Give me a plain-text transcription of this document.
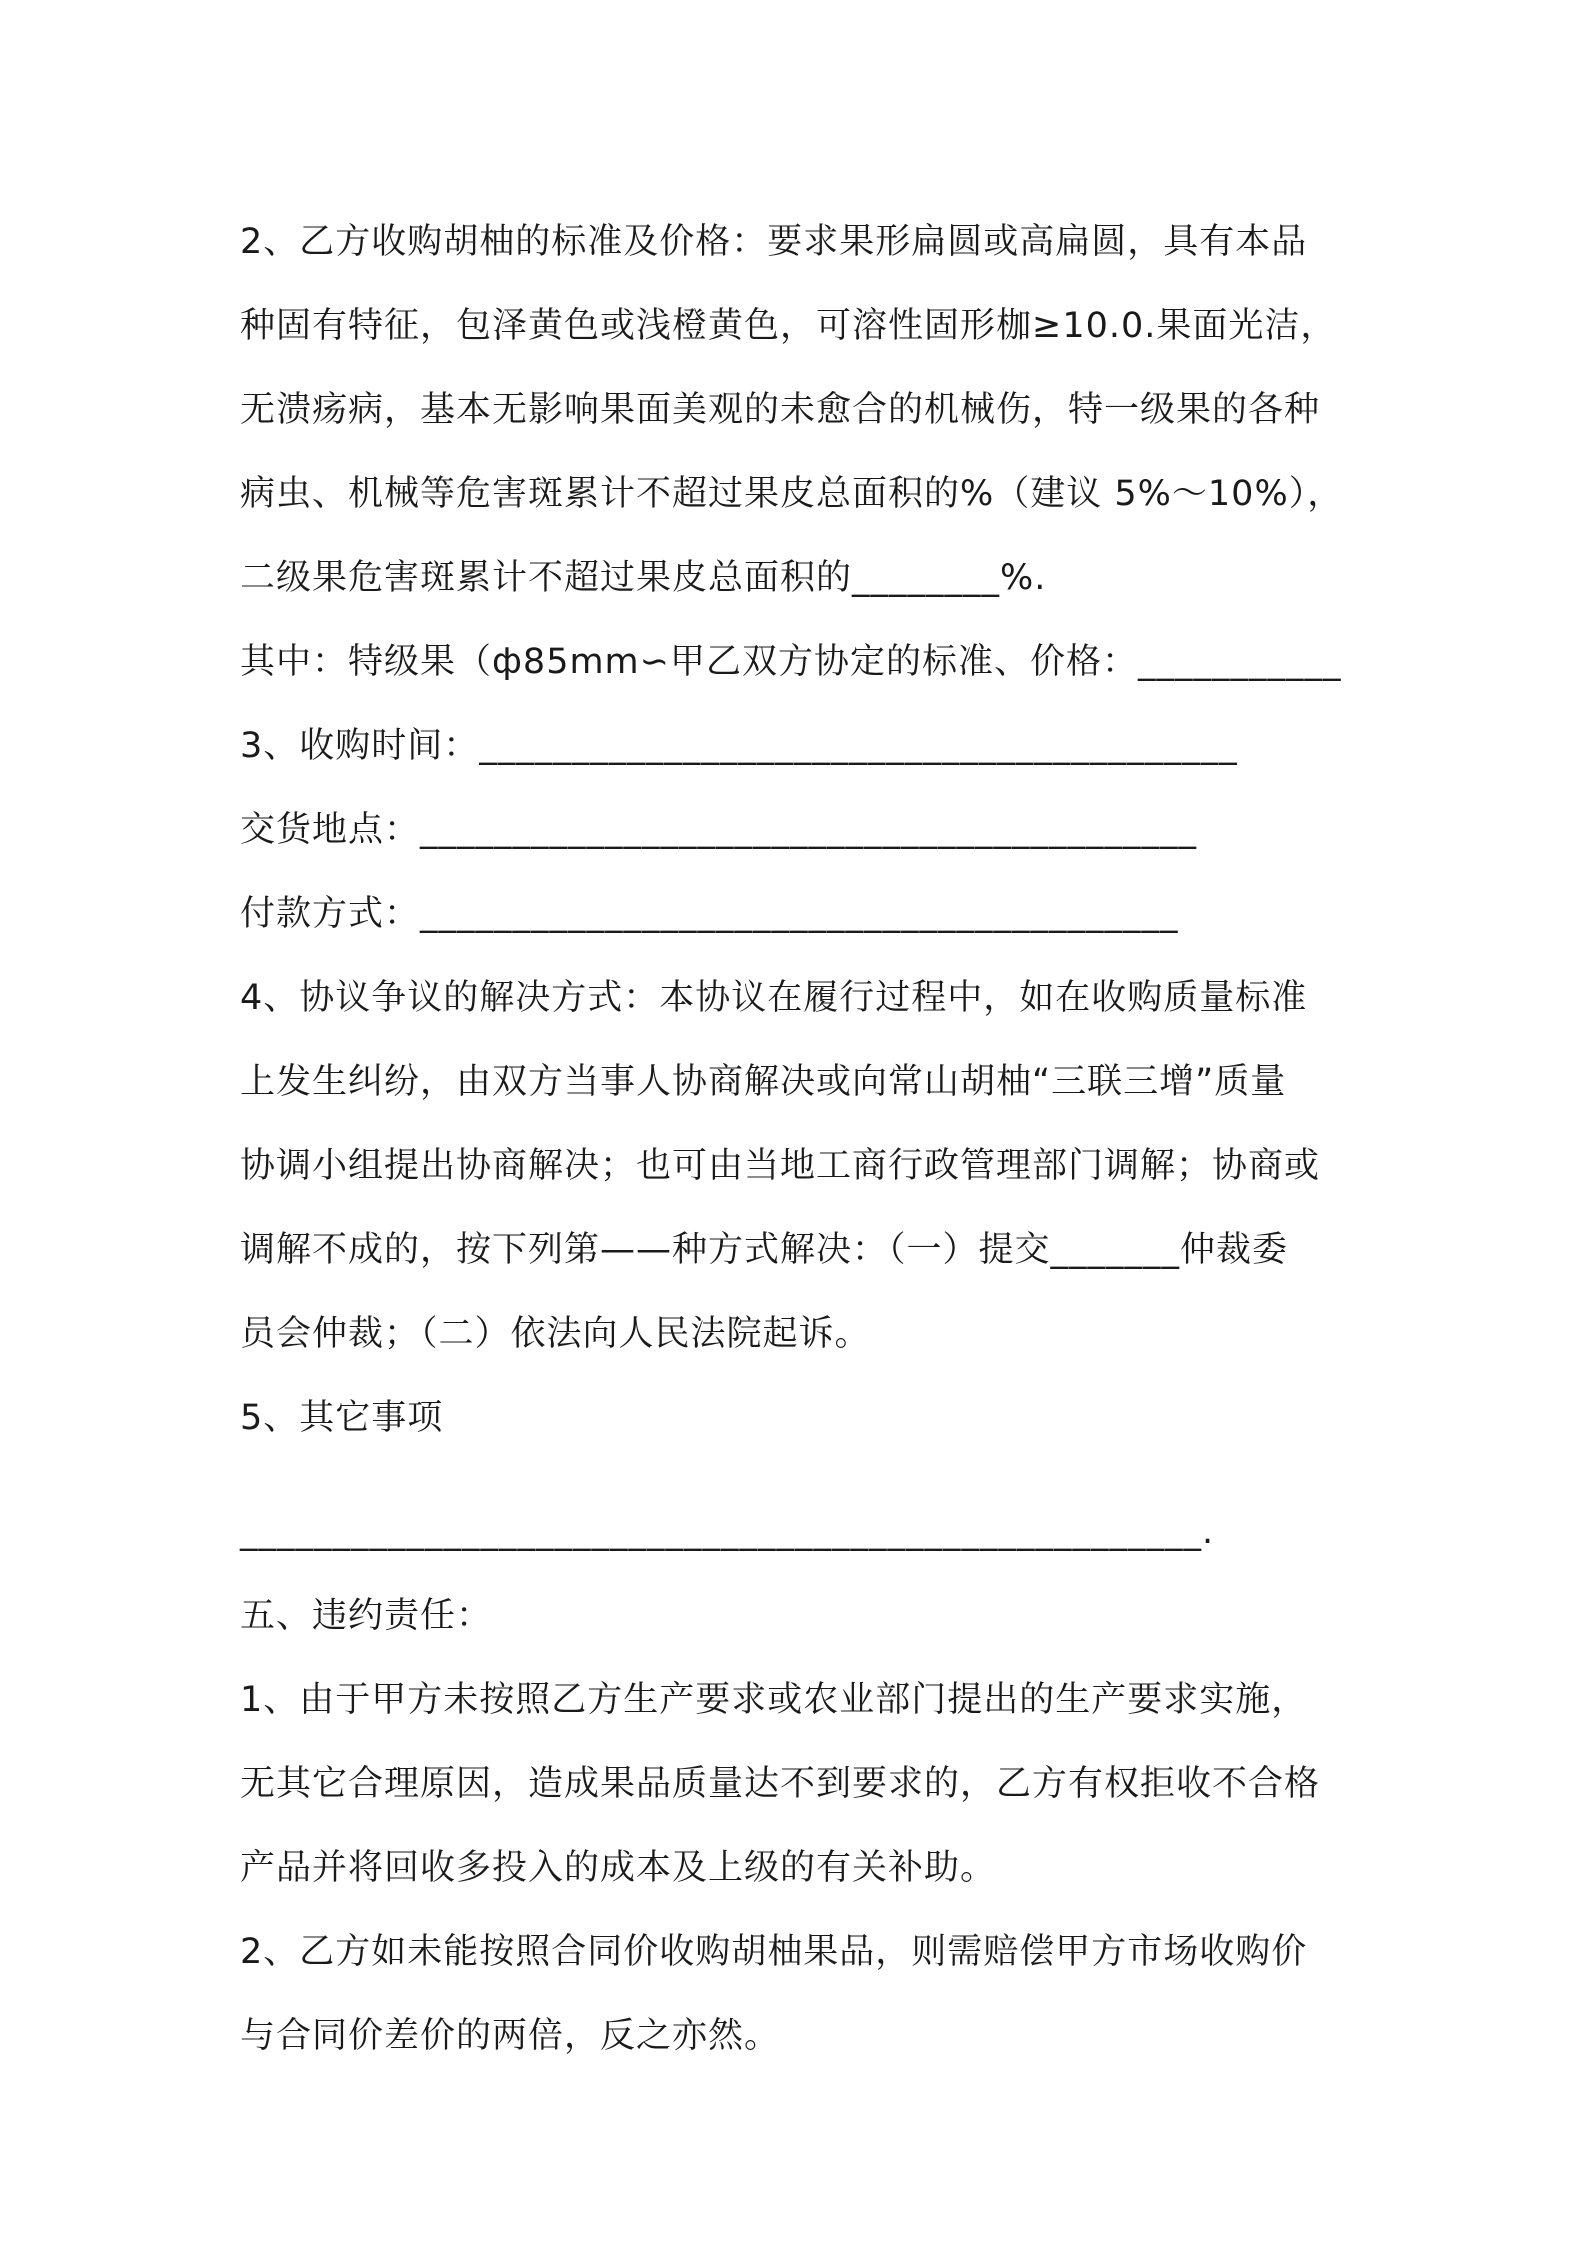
2、乙方收购胡柚的标准及价格：要求果形扁圆或高扁圆，具有本品
种固有特征，包泽黄色或浅橙黄色，可溶性固形枷≥10.0.果面光洁，
无溃疡病，基本无影响果面美观的未愈合的机械伤，特一级果的各种
病虫、机械等危害斑累计不超过果皮总面积的%（建议 5%～10%），
二级果危害斑累计不超过果皮总面积的________%.
其中：特级果（ф85mm∽甲乙双方协定的标准、价格：___________
3、收购时间：_________________________________________
交货地点：__________________________________________
付款方式：_________________________________________
4、协议争议的解决方式：本协议在履行过程中，如在收购质量标准
上发生纠纷，由双方当事人协商解决或向常山胡柚“三联三增”质量
协调小组提出协商解决；也可由当地工商行政管理部门调解；协商或
调解不成的，按下列第——种方式解决：（一）提交_______仲裁委
员会仲裁；（二）依法向人民法院起诉。
5、其它事项
____________________________________________________.
五、违约责任：
1、由于甲方未按照乙方生产要求或农业部门提出的生产要求实施，
无其它合理原因，造成果品质量达不到要求的，乙方有权拒收不合格
产品并将回收多投入的成本及上级的有关补助。
2、乙方如未能按照合同价收购胡柚果品，则需赔偿甲方市场收购价
与合同价差价的两倍，反之亦然。
